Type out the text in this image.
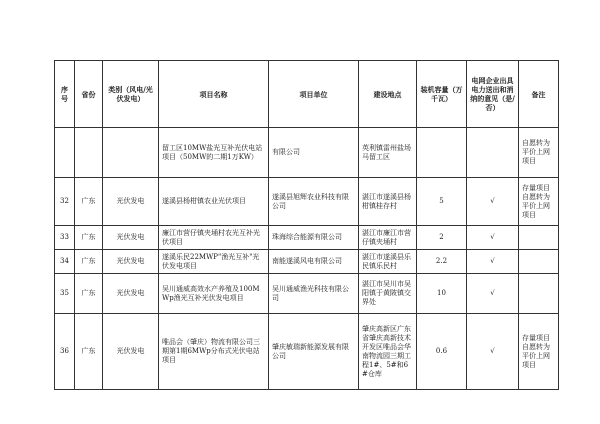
序号	省份	类别（风电/光伏发电）	项目名称	项目单位	建设地点	装机容量（万千瓦）	电网企业出具电力送出和消纳的意见（是/否）	备注
			留工区10MW盐光互补光伏电站项目（50MW的二期1万KW）	有限公司	英利镇雷州盐场马留工区			自愿转为平价上网项目
32	广东	光伏发电	遂溪县杨柑镇农业光伏项目	遂溪县旭辉农业科技有限公司	湛江市遂溪县杨柑镇桂存村	5	√	存量项目自愿转为平价上网项目
33	广东	光伏发电	廉江市营仔镇夹埇村农光互补光伏项目	珠海综合能源有限公司	湛江市廉江市营仔镇夹埇村	2	√	
34	广东	光伏发电	遂溪乐民22MWP"渔光互补"光伏发电项目	南能遂溪风电有限公司	湛江市遂溪县乐民镇乐民村	2.2	√	
35	广东	光伏发电	吴川通威高效水产养殖及100MWp渔光互补光伏发电项目	吴川通威渔光科技有限公司	湛江市吴川市吴阳镇于黄陂镇交界处	10	√	
36	广东	光伏发电	唯品会（肇庆）物流有限公司三期第1期6MWp分布式光伏电站项目	肇庆敏瑞新能源发展有限公司	肇庆高新区广东省肇庆高新技术开发区唯品会华南物流园三期工程1#、5#和6#仓库	0.6	√	存量项目自愿转为平价上网项目
